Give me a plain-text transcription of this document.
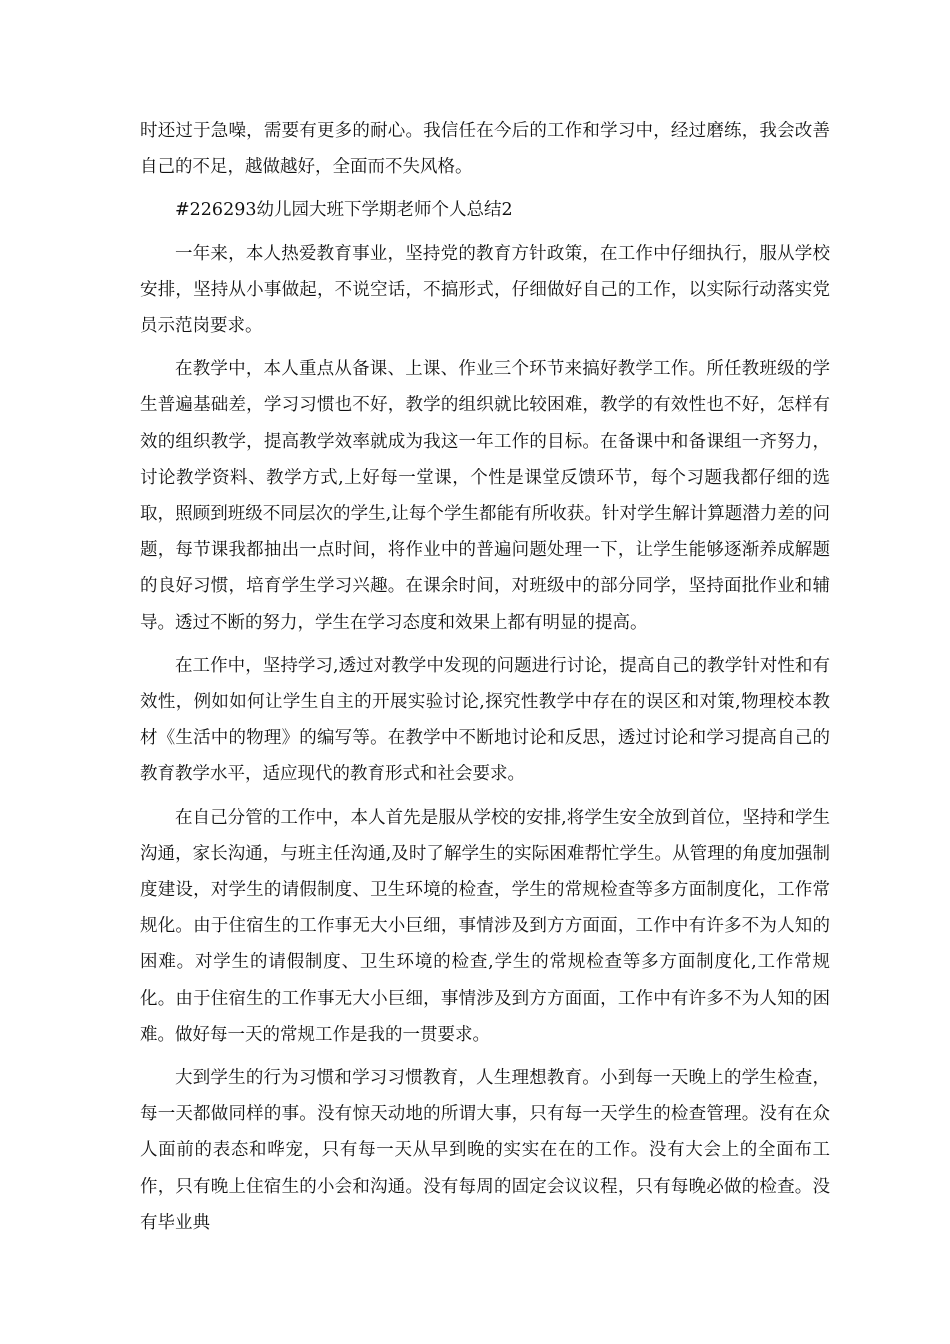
时还过于急噪，需要有更多的耐心。我信任在今后的工作和学习中，经过磨练，我会改善自己的不足，越做越好，全面而不失风格。

#226293幼儿园大班下学期老师个人总结2

一年来，本人热爱教育事业，坚持党的教育方针政策，在工作中仔细执行，服从学校安排，坚持从小事做起，不说空话，不搞形式，仔细做好自己的工作，以实际行动落实党员示范岗要求。

在教学中，本人重点从备课、上课、作业三个环节来搞好教学工作。所任教班级的学生普遍基础差，学习习惯也不好，教学的组织就比较困难，教学的有效性也不好，怎样有效的组织教学，提高教学效率就成为我这一年工作的目标。在备课中和备课组一齐努力，讨论教学资料、教学方式,上好每一堂课，个性是课堂反馈环节，每个习题我都仔细的选取，照顾到班级不同层次的学生,让每个学生都能有所收获。针对学生解计算题潜力差的问题，每节课我都抽出一点时间，将作业中的普遍问题处理一下，让学生能够逐渐养成解题的良好习惯，培育学生学习兴趣。在课余时间，对班级中的部分同学，坚持面批作业和辅导。透过不断的努力，学生在学习态度和效果上都有明显的提高。

在工作中，坚持学习,透过对教学中发现的问题进行讨论，提高自己的教学针对性和有效性，例如如何让学生自主的开展实验讨论,探究性教学中存在的误区和对策,物理校本教材《生活中的物理》的编写等。在教学中不断地讨论和反思，透过讨论和学习提高自己的教育教学水平，适应现代的教育形式和社会要求。

在自己分管的工作中，本人首先是服从学校的安排,将学生安全放到首位，坚持和学生沟通，家长沟通，与班主任沟通,及时了解学生的实际困难帮忙学生。从管理的角度加强制度建设，对学生的请假制度、卫生环境的检查，学生的常规检查等多方面制度化，工作常规化。由于住宿生的工作事无大小巨细，事情涉及到方方面面，工作中有许多不为人知的困难。对学生的请假制度、卫生环境的检查,学生的常规检查等多方面制度化,工作常规化。由于住宿生的工作事无大小巨细，事情涉及到方方面面，工作中有许多不为人知的困难。做好每一天的常规工作是我的一贯要求。

大到学生的行为习惯和学习习惯教育，人生理想教育。小到每一天晚上的学生检查，每一天都做同样的事。没有惊天动地的所谓大事，只有每一天学生的检查管理。没有在众人面前的表态和哗宠，只有每一天从早到晚的实实在在的工作。没有大会上的全面布工作，只有晚上住宿生的小会和沟通。没有每周的固定会议议程，只有每晚必做的检查。没有毕业典
